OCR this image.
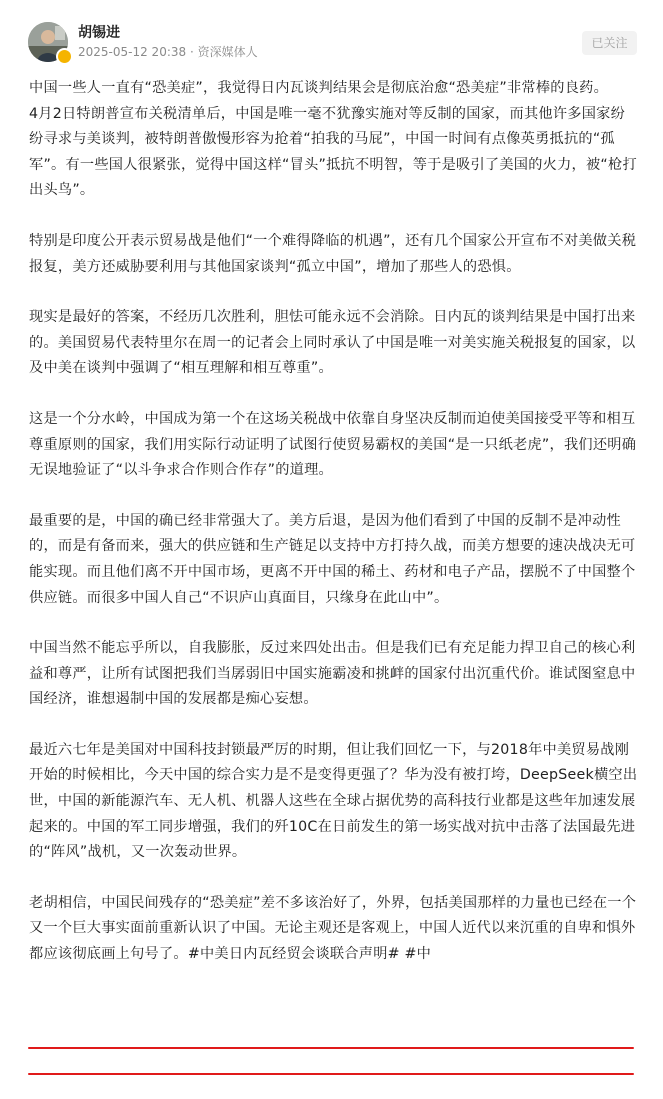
胡锡进
2025-05-12 20:38 · 资深媒体人
已关注

中国一些人一直有“恐美症”，我觉得日内瓦谈判结果会是彻底治愈“恐美症”非常棒的良药。

4月2日特朗普宣布关税清单后，中国是唯一毫不犹豫实施对等反制的国家，而其他许多国家纷纷寻求与美谈判，被特朗普傲慢形容为抢着“拍我的马屁”，中国一时间有点像英勇抵抗的“孤军”。有一些国人很紧张，觉得中国这样“冒头”抵抗不明智，等于是吸引了美国的火力，被“枪打出头鸟”。

特别是印度公开表示贸易战是他们“一个难得降临的机遇”，还有几个国家公开宣布不对美做关税报复，美方还威胁要利用与其他国家谈判“孤立中国”，增加了那些人的恐惧。

现实是最好的答案，不经历几次胜利，胆怯可能永远不会消除。日内瓦的谈判结果是中国打出来的。美国贸易代表特里尔在周一的记者会上同时承认了中国是唯一对美实施关税报复的国家，以及中美在谈判中强调了“相互理解和相互尊重”。

这是一个分水岭，中国成为第一个在这场关税战中依靠自身坚决反制而迫使美国接受平等和相互尊重原则的国家，我们用实际行动证明了试图行使贸易霸权的美国“是一只纸老虎”，我们还明确无误地验证了“以斗争求合作则合作存”的道理。

最重要的是，中国的确已经非常强大了。美方后退，是因为他们看到了中国的反制不是冲动性的，而是有备而来，强大的供应链和生产链足以支持中方打持久战，而美方想要的速决战决无可能实现。而且他们离不开中国市场，更离不开中国的稀土、药材和电子产品，摆脱不了中国整个供应链。而很多中国人自己“不识庐山真面目，只缘身在此山中”。

中国当然不能忘乎所以，自我膨胀，反过来四处出击。但是我们已有充足能力捍卫自己的核心利益和尊严，让所有试图把我们当孱弱旧中国实施霸凌和挑衅的国家付出沉重代价。谁试图窒息中国经济，谁想遏制中国的发展都是痴心妄想。

最近六七年是美国对中国科技封锁最严厉的时期，但让我们回忆一下，与2018年中美贸易战刚开始的时候相比，今天中国的综合实力是不是变得更强了？华为没有被打垮，DeepSeek横空出世，中国的新能源汽车、无人机、机器人这些在全球占据优势的高科技行业都是这些年加速发展起来的。中国的军工同步增强，我们的歼10C在日前发生的第一场实战对抗中击落了法国最先进的“阵风”战机，又一次轰动世界。

老胡相信，中国民间残存的“恐美症”差不多该治好了，外界，包括美国那样的力量也已经在一个又一个巨大事实面前重新认识了中国。无论主观还是客观上，中国人近代以来沉重的自卑和惧外都应该彻底画上句号了。#中美日内瓦经贸会谈联合声明# #中
